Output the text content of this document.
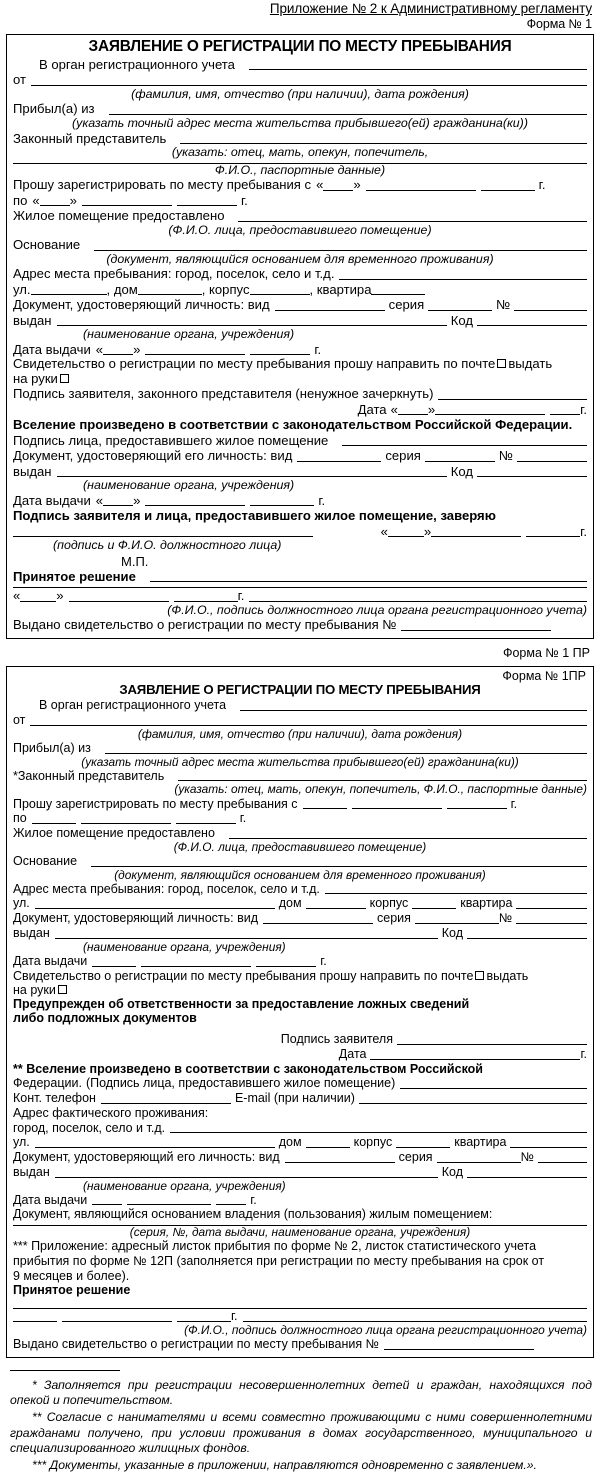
Приложение № 2 к Административному регламенту
Форма № 1
ЗАЯВЛЕНИЕ О РЕГИСТРАЦИИ ПО МЕСТУ ПРЕБЫВАНИЯ
В орган регистрационного учета
от
(фамилия, имя, отчество (при наличии), дата рождения)
Прибыл(а) из
(указать точный адрес места жительства прибывшего(ей) гражданина(ки))
Законный представитель
(указать: отец, мать, опекун, попечитель,
Ф.И.О., паспортные данные)
Прошу зарегистрировать по месту пребывания с « »	г.
по « »	г.
Жилое помещение предоставлено
(Ф.И.О. лица, предоставившего помещение)
Основание
(документ, являющийся основанием для временного проживания)
Адрес места пребывания: город, поселок, село и т.д.
ул.	, дом	, корпус	, квартира
Документ, удостоверяющий личность: вид	серия	№
выдан	Код
(наименование органа, учреждения)
Дата выдачи « »	г.
Свидетельство о регистрации по месту пребывания прошу направить по почте выдать
на руки
Подпись заявителя, законного представителя (ненужное зачеркнуть)
Дата « »	г.
Вселение произведено в соответствии с законодательством Российской Федерации.
Подпись лица, предоставившего жилое помещение
Документ, удостоверяющий его личность: вид	серия	№
выдан	Код
(наименование органа, учреждения)
Дата выдачи « »	г.
Подпись заявителя и лица, предоставившего жилое помещение, заверяю
«	»	г.
(подпись и Ф.И.О. должностного лица)
М.П.
Принятое решение
«	»	г.
(Ф.И.О., подпись должностного лица органа регистрационного учета)
Выдано свидетельство о регистрации по месту пребывания №
Форма № 1 ПР
Форма № 1ПР
ЗАЯВЛЕНИЕ О РЕГИСТРАЦИИ ПО МЕСТУ ПРЕБЫВАНИЯ
В орган регистрационного учета
от
(фамилия, имя, отчество (при наличии), дата рождения)
Прибыл(а) из
(указать точный адрес места жительства прибывшего(ей) гражданина(ки))
*Законный представитель
(указать: отец, мать, опекун, попечитель, Ф.И.О., паспортные данные)
Прошу зарегистрировать по месту пребывания с	г.
по	г.
Жилое помещение предоставлено
(Ф.И.О. лица, предоставившего помещение)
Основание
(документ, являющийся основанием для временного проживания)
Адрес места пребывания: город, поселок, село и т.д.
ул.	дом	корпус	квартира
Документ, удостоверяющий личность: вид	серия	№
выдан	Код
(наименование органа, учреждения)
Дата выдачи	г.
Свидетельство о регистрации по месту пребывания прошу направить по почте выдать
на руки
Предупрежден об ответственности за предоставление ложных сведений
либо подложных документов
Подпись заявителя
Дата	г.
** Вселение произведено в соответствии с законодательством Российской
Федерации. (Подпись лица, предоставившего жилое помещение)
Конт. телефон	E-mail (при наличии)
Адрес фактического проживания:
город, поселок, село и т.д.
ул.	дом	корпус	квартира
Документ, удостоверяющий его личность: вид	серия	№
выдан	Код
(наименование органа, учреждения)
Дата выдачи	г.
Документ, являющийся основанием владения (пользования) жилым помещением:
(серия, №, дата выдачи, наименование органа, учреждения)
*** Приложение: адресный листок прибытия по форме № 2, листок статистического учета
прибытия по форме № 12П (заполняется при регистрации по месту пребывания на срок от
9 месяцев и более).
Принятое решение
г.
(Ф.И.О., подпись должностного лица органа регистрационного учета)
Выдано свидетельство о регистрации по месту пребывания №
* Заполняется при регистрации несовершеннолетних детей и граждан, находящихся под опекой и попечительством.
** Согласие с нанимателями и всеми совместно проживающими с ними совершеннолетними гражданами получено, при условии проживания в домах государственного, муниципального и специализированного жилищных фондов.
*** Документы, указанные в приложении, направляются одновременно с заявлением.».
